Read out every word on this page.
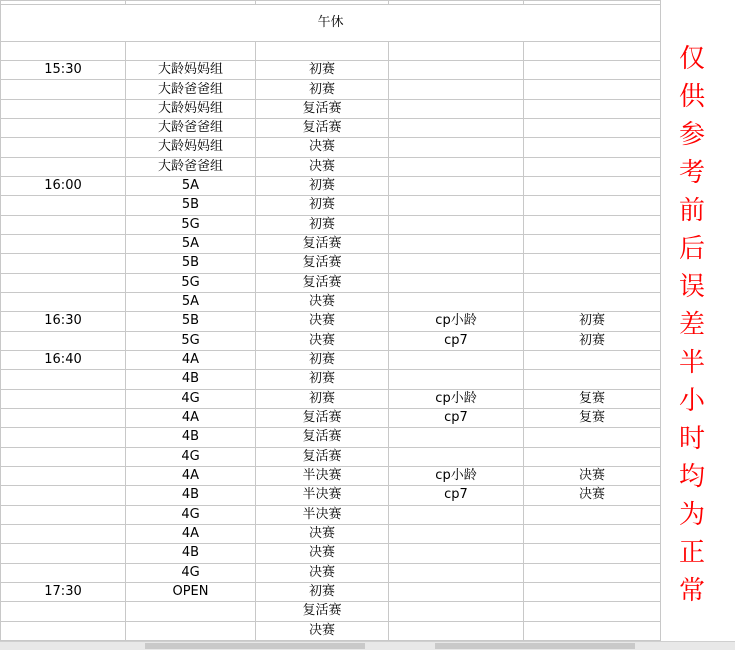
午休				

15:30	大龄妈妈组	初赛		
	大龄爸爸组	初赛		
	大龄妈妈组	复活赛		
	大龄爸爸组	复活赛		
	大龄妈妈组	决赛		
	大龄爸爸组	决赛		
16:00	5A	初赛		
	5B	初赛		
	5G	初赛		
	5A	复活赛		
	5B	复活赛		
	5G	复活赛		
	5A	决赛		
16:30	5B	决赛	cp小龄	初赛
	5G	决赛	cp7	初赛
16:40	4A	初赛		
	4B	初赛		
	4G	初赛	cp小龄	复赛
	4A	复活赛	cp7	复赛
	4B	复活赛		
	4G	复活赛		
	4A	半决赛	cp小龄	决赛
	4B	半决赛	cp7	决赛
	4G	半决赛		
	4A	决赛		
	4B	决赛		
	4G	决赛		
17:30	OPEN	初赛		
		复活赛		
		决赛		
仅
供
参
考
前
后
误
差
半
小
时
均
为
正
常
